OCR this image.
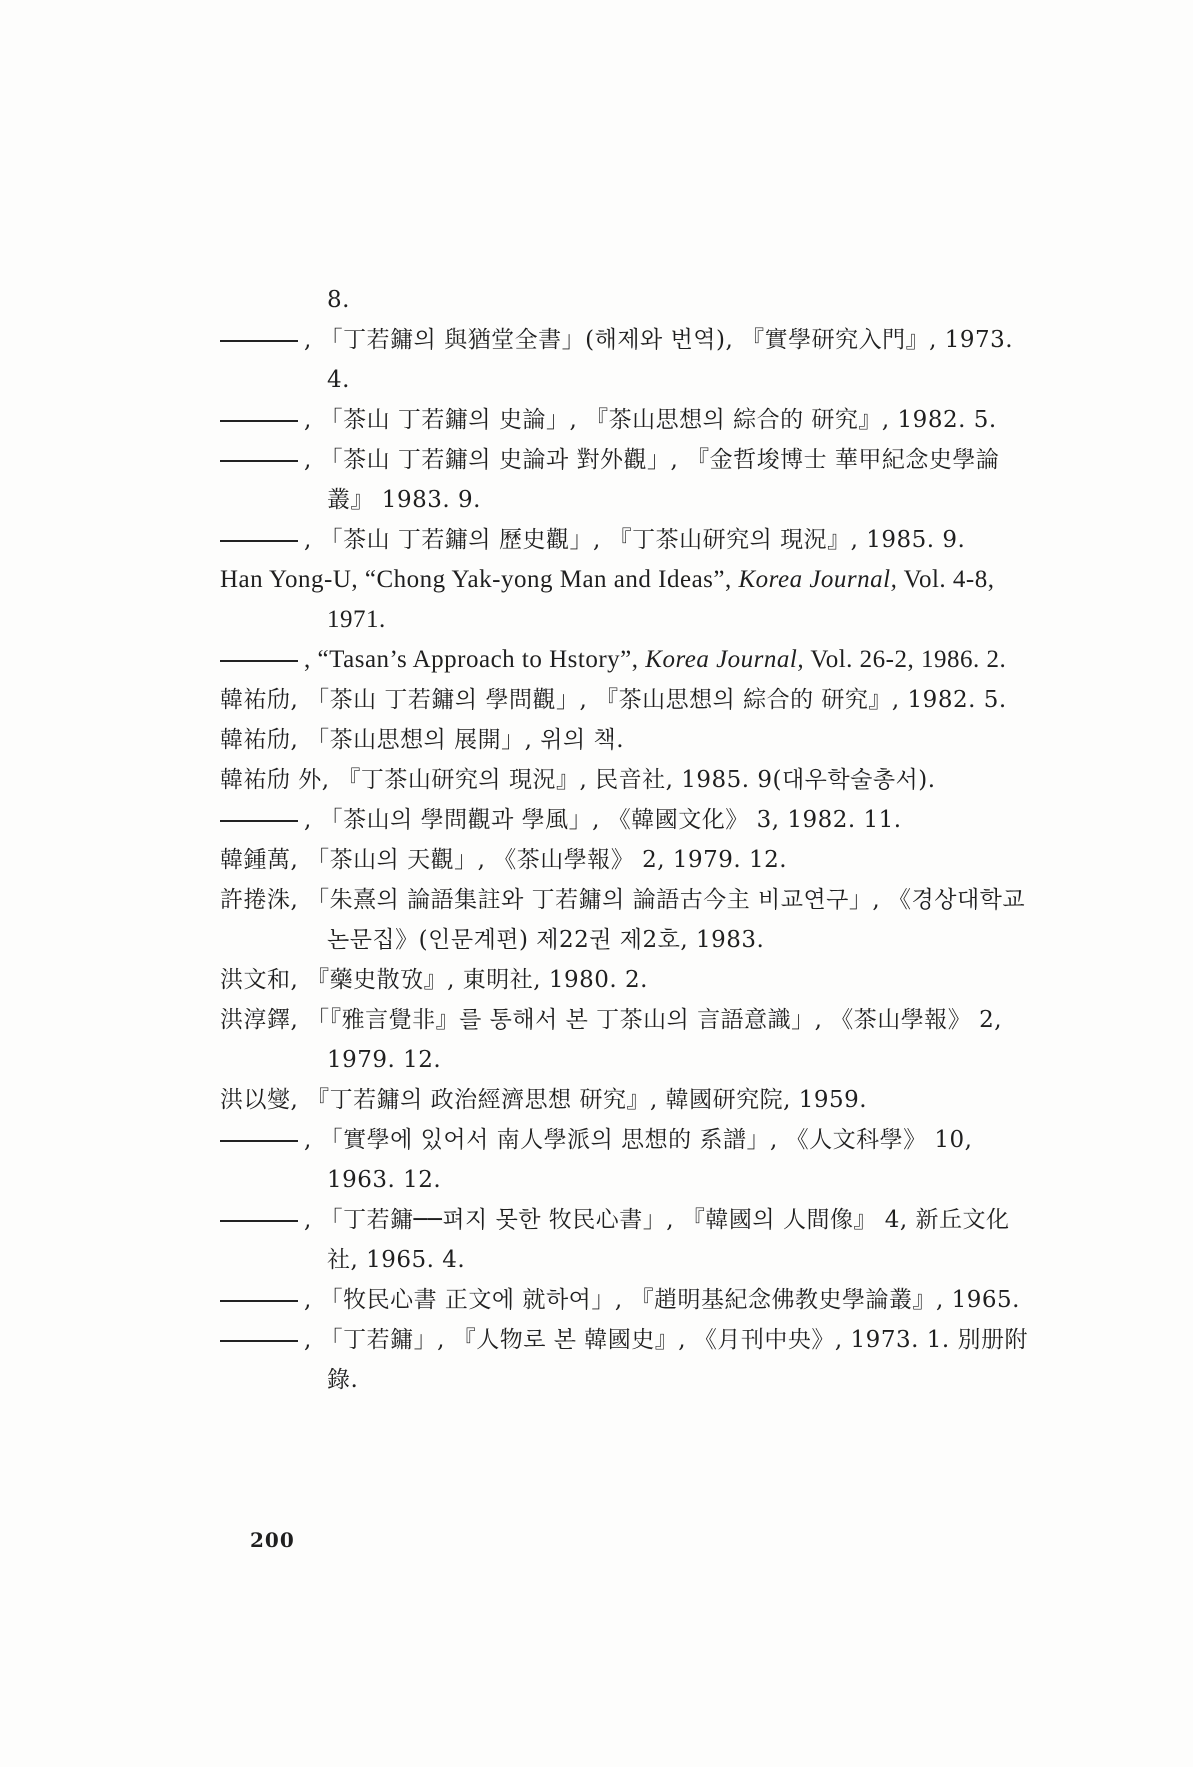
8.

, 「丁若鏞의 與猶堂全書」(해제와 번역), 『實學研究入門』, 1973. 4.

, 「茶山 丁若鏞의 史論」, 『茶山思想의 綜合的 研究』, 1982. 5.

, 「茶山 丁若鏞의 史論과 對外觀」, 『金哲埈博士 華甲紀念史學論叢』 1983. 9.

, 「茶山 丁若鏞의 歷史觀」, 『丁茶山研究의 現況』, 1985. 9.

Han Yong-U, “Chong Yak-yong Man and Ideas”, Korea Journal, Vol. 4-8, 1971.

, “Tasan’s Approach to Hstory”, Korea Journal, Vol. 26-2, 1986. 2.

韓祐劤, 「茶山 丁若鏞의 學問觀」, 『茶山思想의 綜合的 研究』, 1982. 5.

韓祐劤, 「茶山思想의 展開」, 위의 책.

韓祐劤 外, 『丁茶山研究의 現況』, 民音社, 1985. 9(대우학술총서).

, 「茶山의 學問觀과 學風」, 《韓國文化》 3, 1982. 11.

韓鍾萬, 「茶山의 天觀」, 《茶山學報》 2, 1979. 12.

許捲洙, 「朱熹의 論語集註와 丁若鏞의 論語古今主 비교연구」, 《경상대학교논문집》(인문계편) 제22권 제2호, 1983.

洪文和, 『藥史散攷』, 東明社, 1980. 2.

洪淳鐸, 「『雅言覺非』를 통해서 본 丁茶山의 言語意識」, 《茶山學報》 2, 1979. 12.

洪以燮, 『丁若鏞의 政治經濟思想 研究』, 韓國研究院, 1959.

, 「實學에 있어서 南人學派의 思想的 系譜」, 《人文科學》 10, 1963. 12.

, 「丁若鏞──펴지 못한 牧民心書」, 『韓國의 人間像』 4, 新丘文化社, 1965. 4.

, 「牧民心書 正文에 就하여」, 『趙明基紀念佛教史學論叢』, 1965.

, 「丁若鏞」, 『人物로 본 韓國史』, 《月刊中央》, 1973. 1. 別册附錄.

200
